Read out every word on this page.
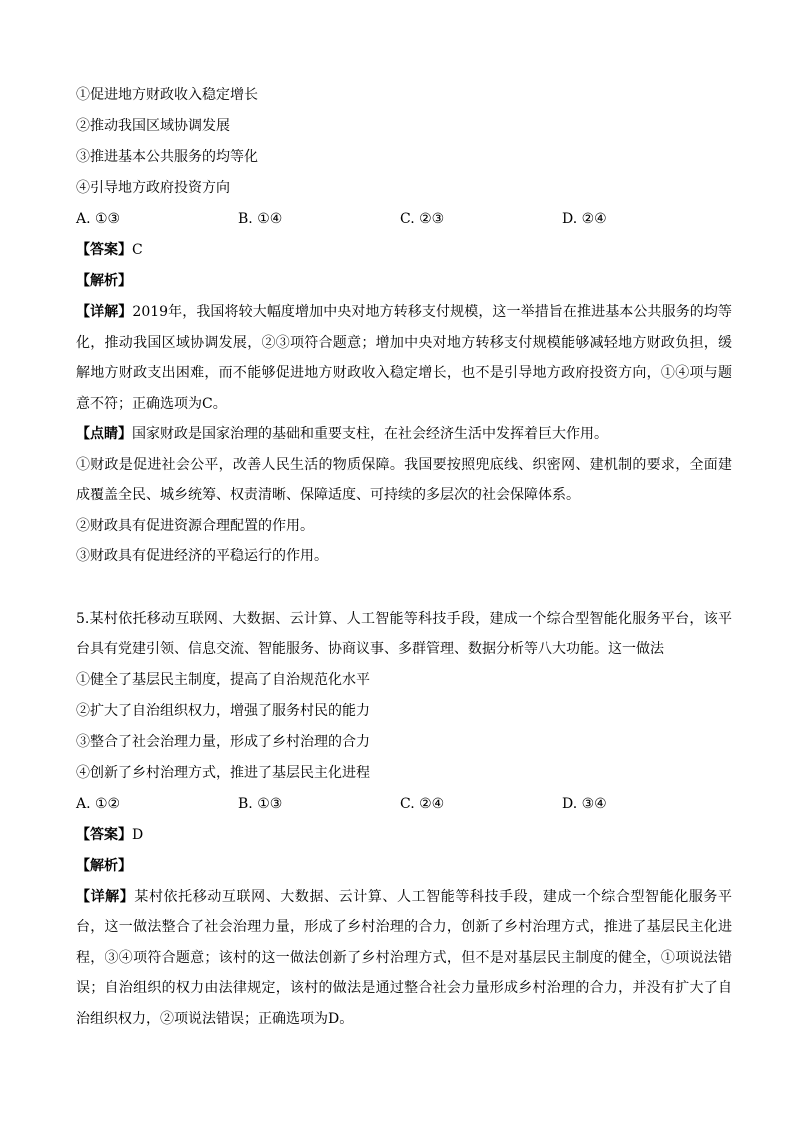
①促进地方财政收入稳定增长
②推动我国区域协调发展
③推进基本公共服务的均等化
④引导地方政府投资方向
A. ①③	B. ①④	C. ②③	D. ②④
【答案】C
【解析】
【详解】2019年，我国将较大幅度增加中央对地方转移支付规模，这一举措旨在推进基本公共服务的均等化，推动我国区域协调发展，②③项符合题意；增加中央对地方转移支付规模能够减轻地方财政负担，缓解地方财政支出困难，而不能够促进地方财政收入稳定增长，也不是引导地方政府投资方向，①④项与题意不符；正确选项为C。
【点睛】国家财政是国家治理的基础和重要支柱，在社会经济生活中发挥着巨大作用。
①财政是促进社会公平，改善人民生活的物质保障。我国要按照兜底线、织密网、建机制的要求，全面建成覆盖全民、城乡统筹、权责清晰、保障适度、可持续的多层次的社会保障体系。
②财政具有促进资源合理配置的作用。
③财政具有促进经济的平稳运行的作用。
5.某村依托移动互联网、大数据、云计算、人工智能等科技手段，建成一个综合型智能化服务平台，该平台具有党建引领、信息交流、智能服务、协商议事、多群管理、数据分析等八大功能。这一做法
①健全了基层民主制度，提高了自治规范化水平
②扩大了自治组织权力，增强了服务村民的能力
③整合了社会治理力量，形成了乡村治理的合力
④创新了乡村治理方式，推进了基层民主化进程
A. ①②	B. ①③	C. ②④	D. ③④
【答案】D
【解析】
【详解】某村依托移动互联网、大数据、云计算、人工智能等科技手段，建成一个综合型智能化服务平台，这一做法整合了社会治理力量，形成了乡村治理的合力，创新了乡村治理方式，推进了基层民主化进程，③④项符合题意；该村的这一做法创新了乡村治理方式，但不是对基层民主制度的健全，①项说法错误；自治组织的权力由法律规定，该村的做法是通过整合社会力量形成乡村治理的合力，并没有扩大了自治组织权力，②项说法错误；正确选项为D。
